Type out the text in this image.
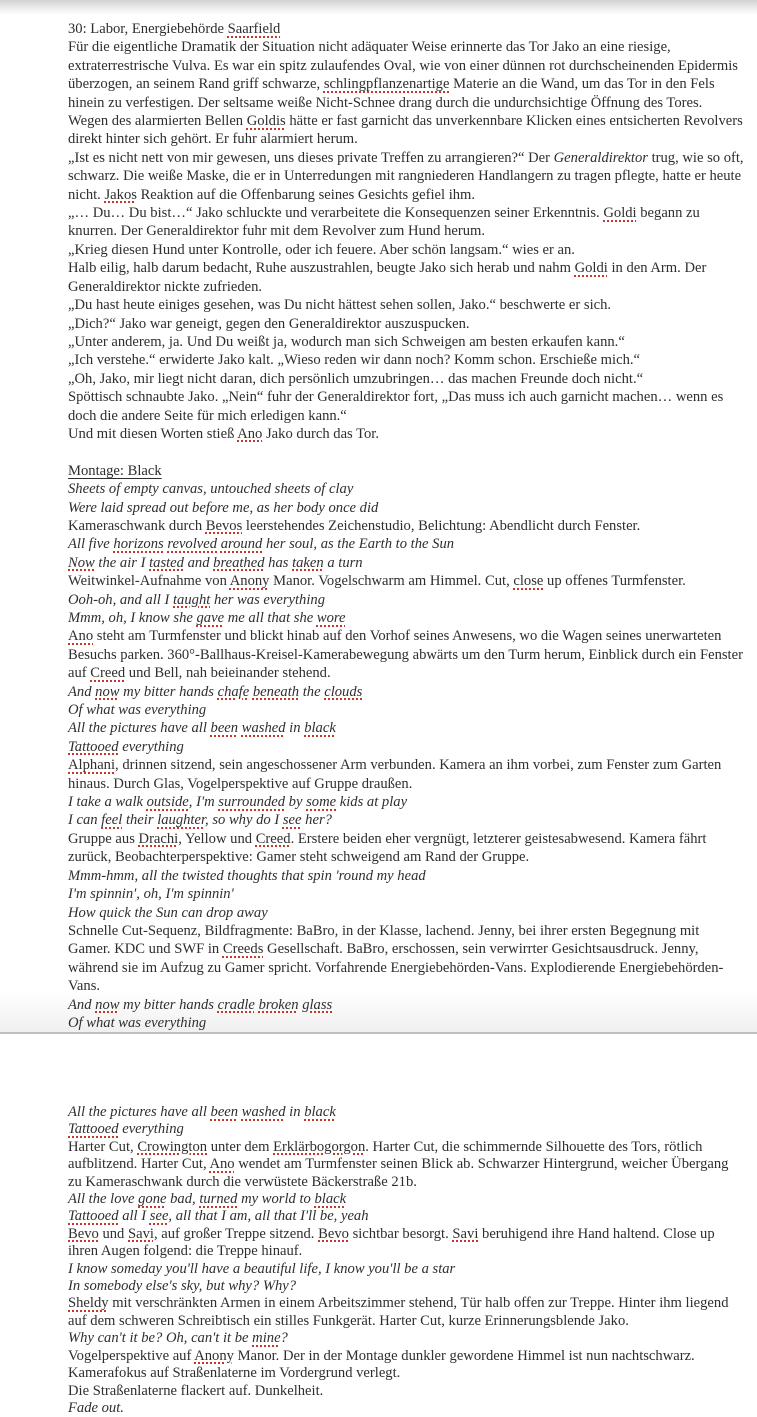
30: Labor, Energiebehörde Saarfield

Für die eigentliche Dramatik der Situation nicht adäquater Weise erinnerte das Tor Jako an eine riesige, extraterrestrische Vulva. Es war ein spitz zulaufendes Oval, wie von einer dünnen rot durchscheinenden Epidermis überzogen, an seinem Rand griff schwarze, schlingpflanzenartige Materie an die Wand, um das Tor in den Fels hinein zu verfestigen. Der seltsame weiße Nicht-Schnee drang durch die undurchsichtige Öffnung des Tores.

Wegen des alarmierten Bellen Goldis hätte er fast garnicht das unverkennbare Klicken eines entsicherten Revolvers direkt hinter sich gehört. Er fuhr alarmiert herum.

„Ist es nicht nett von mir gewesen, uns dieses private Treffen zu arrangieren?“ Der Generaldirektor trug, wie so oft, schwarz. Die weiße Maske, die er in Unterredungen mit rangniederen Handlangern zu tragen pflegte, hatte er heute nicht. Jakos Reaktion auf die Offenbarung seines Gesichts gefiel ihm.

„… Du… Du bist…“ Jako schluckte und verarbeitete die Konsequenzen seiner Erkenntnis. Goldi begann zu knurren. Der Generaldirektor fuhr mit dem Revolver zum Hund herum.

„Krieg diesen Hund unter Kontrolle, oder ich feuere. Aber schön langsam.“ wies er an.

Halb eilig, halb darum bedacht, Ruhe auszustrahlen, beugte Jako sich herab und nahm Goldi in den Arm. Der Generaldirektor nickte zufrieden.

„Du hast heute einiges gesehen, was Du nicht hättest sehen sollen, Jako.“ beschwerte er sich.

„Dich?“ Jako war geneigt, gegen den Generaldirektor auszuspucken.

„Unter anderem, ja. Und Du weißt ja, wodurch man sich Schweigen am besten erkaufen kann.“

„Ich verstehe.“ erwiderte Jako kalt. „Wieso reden wir dann noch? Komm schon. Erschieße mich.“

„Oh, Jako, mir liegt nicht daran, dich persönlich umzubringen… das machen Freunde doch nicht.“

Spöttisch schnaubte Jako. „Nein“ fuhr der Generaldirektor fort, „Das muss ich auch garnicht machen… wenn es doch die andere Seite für mich erledigen kann.“

Und mit diesen Worten stieß Ano Jako durch das Tor.

Montage: Black

Sheets of empty canvas, untouched sheets of clay

Were laid spread out before me, as her body once did

Kameraschwank durch Bevos leerstehendes Zeichenstudio, Belichtung: Abendlicht durch Fenster.

All five horizons revolved around her soul, as the Earth to the Sun

Now the air I tasted and breathed has taken a turn

Weitwinkel-Aufnahme von Anony Manor. Vogelschwarm am Himmel. Cut, close up offenes Turmfenster.

Ooh-oh, and all I taught her was everything

Mmm, oh, I know she gave me all that she wore

Ano steht am Turmfenster und blickt hinab auf den Vorhof seines Anwesens, wo die Wagen seines unerwarteten Besuchs parken. 360°-Ballhaus-Kreisel-Kamerabewegung abwärts um den Turm herum, Einblick durch ein Fenster auf Creed und Bell, nah beieinander stehend.

And now my bitter hands chafe beneath the clouds

Of what was everything

All the pictures have all been washed in black

Tattooed everything

Alphani, drinnen sitzend, sein angeschossener Arm verbunden. Kamera an ihm vorbei, zum Fenster zum Garten hinaus. Durch Glas, Vogelperspektive auf Gruppe draußen.

I take a walk outside, I'm surrounded by some kids at play

I can feel their laughter, so why do I see her?

Gruppe aus Drachi, Yellow und Creed. Erstere beiden eher vergnügt, letzterer geistesabwesend. Kamera fährt zurück, Beobachterperspektive: Gamer steht schweigend am Rand der Gruppe.

Mmm-hmm, all the twisted thoughts that spin 'round my head

I'm spinnin', oh, I'm spinnin'

How quick the Sun can drop away

Schnelle Cut-Sequenz, Bildfragmente: BaBro, in der Klasse, lachend. Jenny, bei ihrer ersten Begegnung mit Gamer. KDC und SWF in Creeds Gesellschaft. BaBro, erschossen, sein verwirrter Gesichtsausdruck. Jenny, während sie im Aufzug zu Gamer spricht. Vorfahrende Energiebehörden-Vans. Explodierende Energiebehörden-Vans.

And now my bitter hands cradle broken glass

Of what was everything

All the pictures have all been washed in black

Tattooed everything

Harter Cut, Crowington unter dem Erklärbogorgon. Harter Cut, die schimmernde Silhouette des Tors, rötlich aufblitzend. Harter Cut, Ano wendet am Turmfenster seinen Blick ab. Schwarzer Hintergrund, weicher Übergang zu Kameraschwank durch die verwüstete Bäckerstraße 21b.

All the love gone bad, turned my world to black

Tattooed all I see, all that I am, all that I'll be, yeah

Bevo und Savi, auf großer Treppe sitzend. Bevo sichtbar besorgt. Savi beruhigend ihre Hand haltend. Close up ihren Augen folgend: die Treppe hinauf.

I know someday you'll have a beautiful life, I know you'll be a star

In somebody else's sky, but why? Why?

Sheldy mit verschränkten Armen in einem Arbeitszimmer stehend, Tür halb offen zur Treppe. Hinter ihm liegend auf dem schweren Schreibtisch ein stilles Funkgerät. Harter Cut, kurze Erinnerungsblende Jako.

Why can't it be? Oh, can't it be mine?

Vogelperspektive auf Anony Manor. Der in der Montage dunkler gewordene Himmel ist nun nachtschwarz. Kamerafokus auf Straßenlaterne im Vordergrund verlegt.

Die Straßenlaterne flackert auf. Dunkelheit.

Fade out.
